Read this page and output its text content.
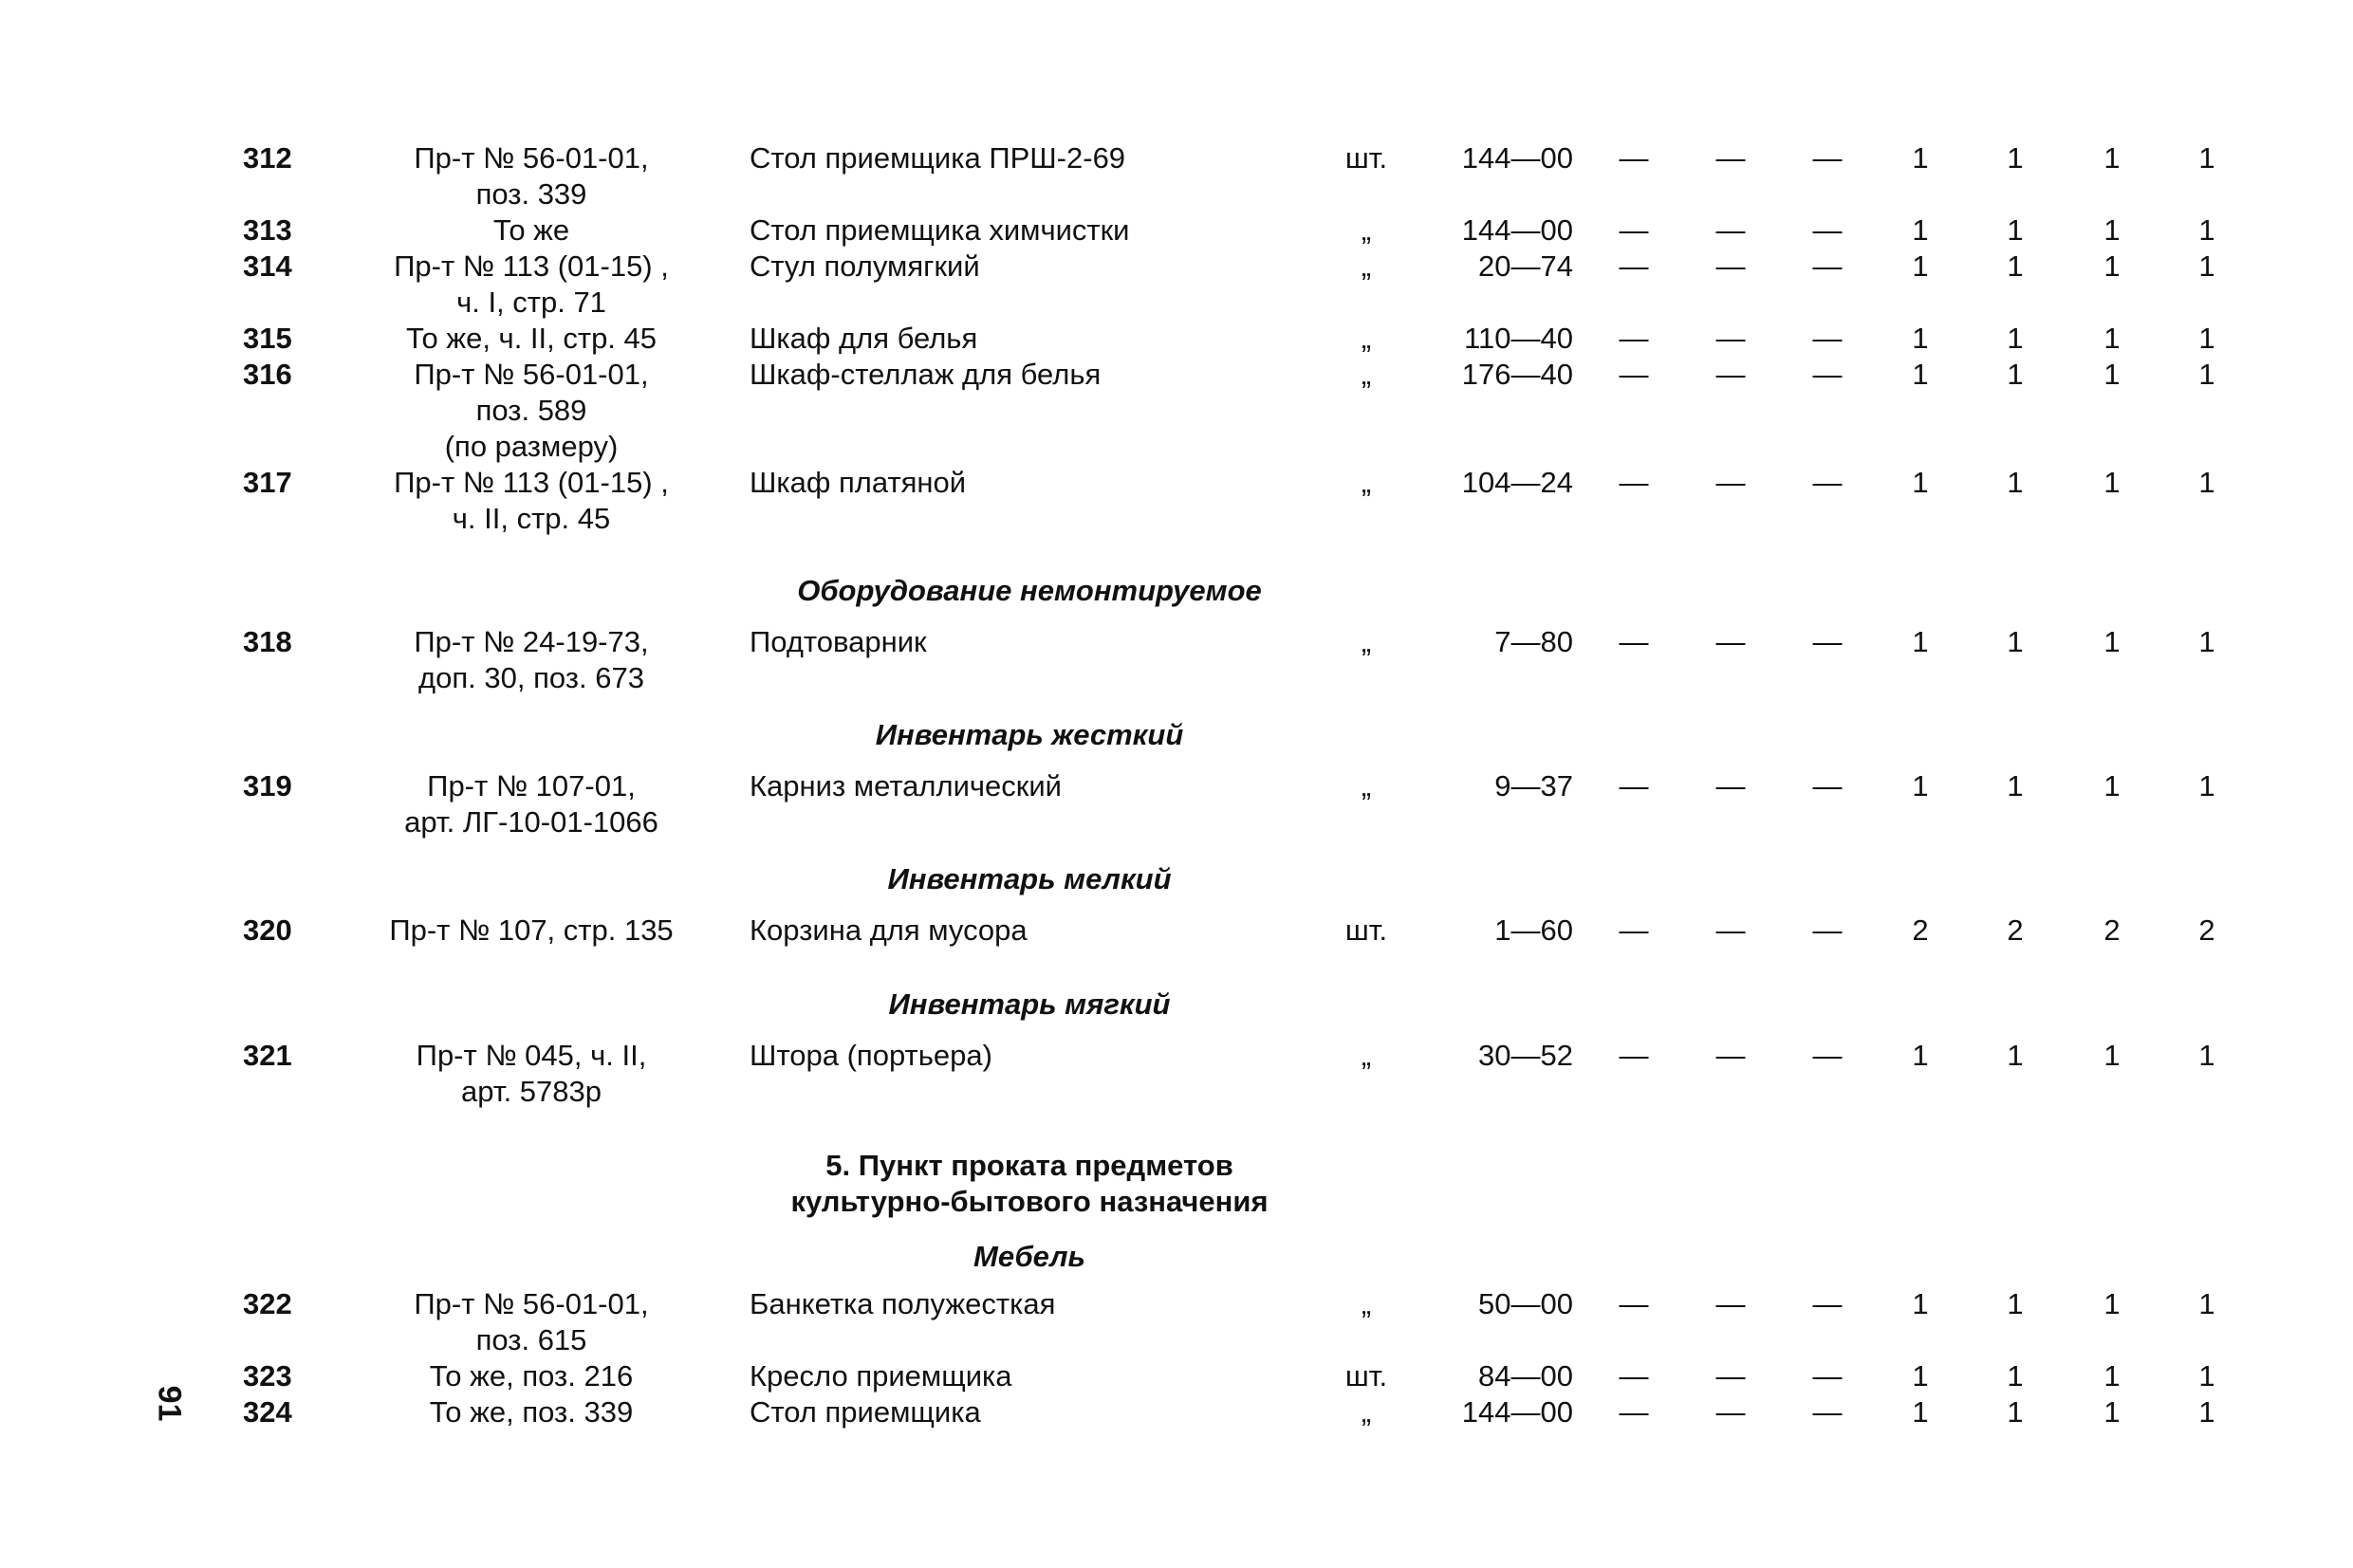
312	Пр-т № 56-01-01,
поз. 339
Стол приемщика ПРШ-2-69	шт.	144—00 — — —	1	1	1	1
313	То же	Стол приемщика химчистки	„	144—00 — — —	1	1	1	1
314	Пр-т № 113 (01-15) ,
ч. I, стр. 71
Стул полумягкий	„	20—74 — — —	1	1	1	1
315	То же, ч. II, стр. 45	Шкаф для белья	„	110—40 — — —	1	1	1	1
316	Пр-т № 56-01-01,
поз. 589
(по размеру)
Шкаф-стеллаж для белья	„	176—40 — — —	1	1	1	1
317	Пр-т № 113 (01-15) ,
ч. II, стр. 45
Шкаф платяной	„	104—24 — — —	1	1	1	1
318	Пр-т № 24-19-73,
доп. 30, поз. 673
Подтоварник	„	7—80 — — —	1	1	1	1
319	Пр-т № 107-01,
арт. ЛГ-10-01-1066
Карниз металлический	„	9—37 — — —	1	1	1	1
320	Пр-т № 107, стр. 135	Корзина для мусора	шт.	1—60 — — —	2	2	2	2
321	Пр-т № 045, ч. II,
арт. 5783р
Штора (портьера)	„	30—52 — — —	1	1	1	1
322	Пр-т № 56-01-01,
поз. 615
Банкетка полужесткая	„	50—00 — — —	1	1	1	1
323	То же, поз. 216	Кресло приемщика	шт.	84—00 — — —	1	1	1	1
324	То же, поз. 339	Стол приемщика	„	144—00 — — —	1	1	1	1
Оборудование немонтируемое
Инвентарь жесткий
Инвентарь мелкий
Инвентарь мягкий
5. Пункт проката предметов
культурно-бытового назначения
Мебель
91
